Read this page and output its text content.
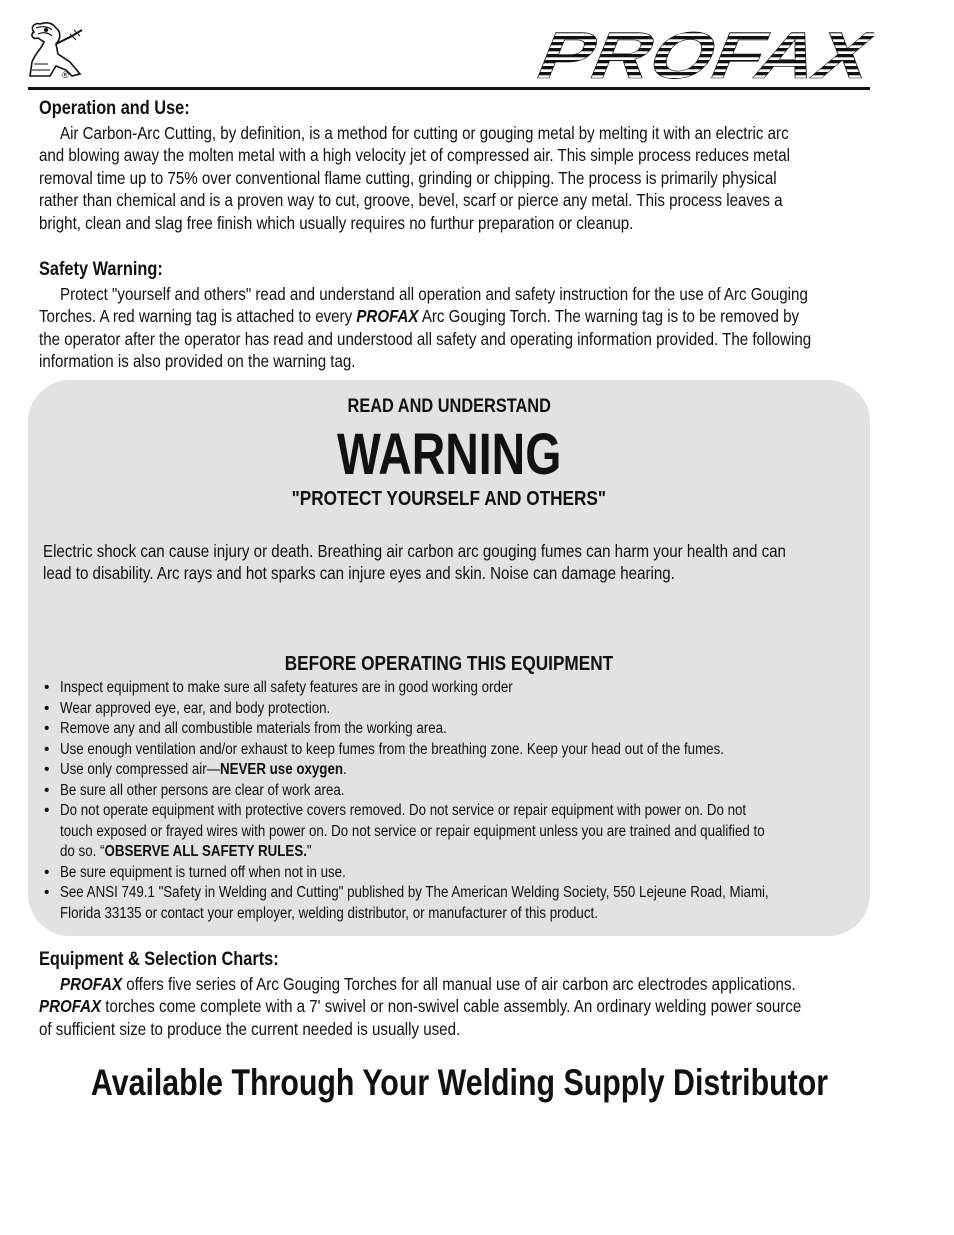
®	PROFAX
Operation and Use:
Air Carbon-Arc Cutting, by definition, is a method for cutting or gouging metal by melting it with an electric arc
and blowing away the molten metal with a high velocity jet of compressed air. This simple process reduces metal
removal time up to 75% over conventional flame cutting, grinding or chipping. The process is primarily physical
rather than chemical and is a proven way to cut, groove, bevel, scarf or pierce any metal. This process leaves a
bright, clean and slag free finish which usually requires no furthur preparation or cleanup.
Safety Warning:
Protect "yourself and others" read and understand all operation and safety instruction for the use of Arc Gouging
Torches. A red warning tag is attached to every PROFAX Arc Gouging Torch. The warning tag is to be removed by
the operator after the operator has read and understood all safety and operating information provided. The following
information is also provided on the warning tag.
READ AND UNDERSTAND
WARNING
"PROTECT YOURSELF AND OTHERS"
Electric shock can cause injury or death. Breathing air carbon arc gouging fumes can harm your health and can
lead to disability. Arc rays and hot sparks can injure eyes and skin. Noise can damage hearing.
BEFORE OPERATING THIS EQUIPMENT
• Inspect equipment to make sure all safety features are in good working order
• Wear approved eye, ear, and body protection.
• Remove any and all combustible materials from the working area.
• Use enough ventilation and/or exhaust to keep fumes from the breathing zone. Keep your head out of the fumes.
• Use only compressed air—NEVER use oxygen.
• Be sure all other persons are clear of work area.
• Do not operate equipment with protective covers removed. Do not service or repair equipment with power on. Do not
touch exposed or frayed wires with power on. Do not service or repair equipment unless you are trained and qualified to
do so. “OBSERVE ALL SAFETY RULES."
• Be sure equipment is turned off when not in use.
• See ANSI 749.1 "Safety in Welding and Cutting" published by The American Welding Society, 550 Lejeune Road, Miami,
Florida 33135 or contact your employer, welding distributor, or manufacturer of this product.
Equipment & Selection Charts:
PROFAX offers five series of Arc Gouging Torches for all manual use of air carbon arc electrodes applications.
PROFAX torches come complete with a 7' swivel or non-swivel cable assembly. An ordinary welding power source
of sufficient size to produce the current needed is usually used.
Available Through Your Welding Supply Distributor
